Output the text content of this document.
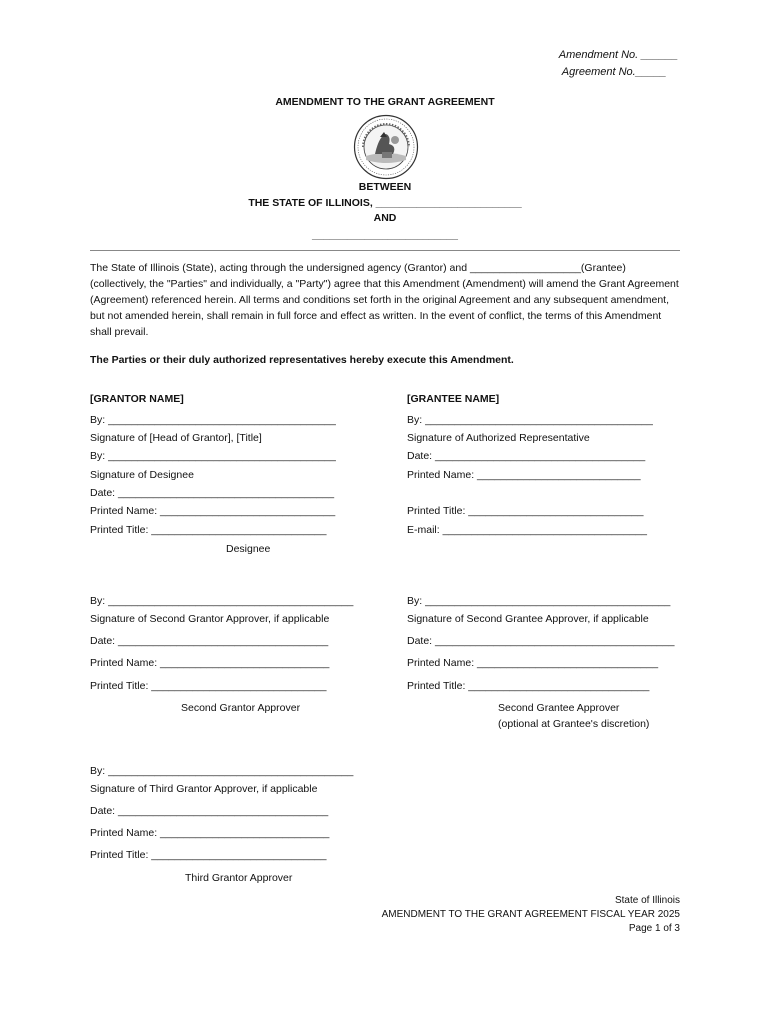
Amendment No. ______
Agreement No._____
AMENDMENT TO THE GRANT AGREEMENT
BETWEEN
THE STATE OF ILLINOIS, _________________________
AND
_________________________
The State of Illinois (State), acting through the undersigned agency (Grantor) and ___________________(Grantee) (collectively, the "Parties" and individually, a "Party") agree that this Amendment (Amendment) will amend the Grant Agreement (Agreement) referenced herein. All terms and conditions set forth in the original Agreement and any subsequent amendment, but not amended herein, shall remain in full force and effect as written. In the event of conflict, the terms of this Amendment shall prevail.
The Parties or their duly authorized representatives hereby execute this Amendment.
[GRANTOR NAME]
By: _______________________________________
Signature of [Head of Grantor], [Title]
By: _______________________________________
Signature of Designee
Date: _____________________________________
Printed Name: ______________________________
Printed Title: ______________________________
Designee
[GRANTEE NAME]
By: _______________________________________
Signature of Authorized Representative
Date: ____________________________________
Printed Name: ____________________________
Printed Title: ______________________________
E-mail: ___________________________________
By: __________________________________________
Signature of Second Grantor Approver, if applicable
Date: ____________________________________
Printed Name: _____________________________
Printed Title: ______________________________
Second Grantor Approver
By: __________________________________________
Signature of Second Grantee Approver, if applicable
Date: _________________________________________
Printed Name: _______________________________
Printed Title: _______________________________
Second Grantee Approver
(optional at Grantee's discretion)
By: __________________________________________
Signature of Third Grantor Approver, if applicable
Date: ____________________________________
Printed Name: _____________________________
Printed Title: ______________________________
Third Grantor Approver
State of Illinois
AMENDMENT TO THE GRANT AGREEMENT FISCAL YEAR 2025
Page 1 of 3
